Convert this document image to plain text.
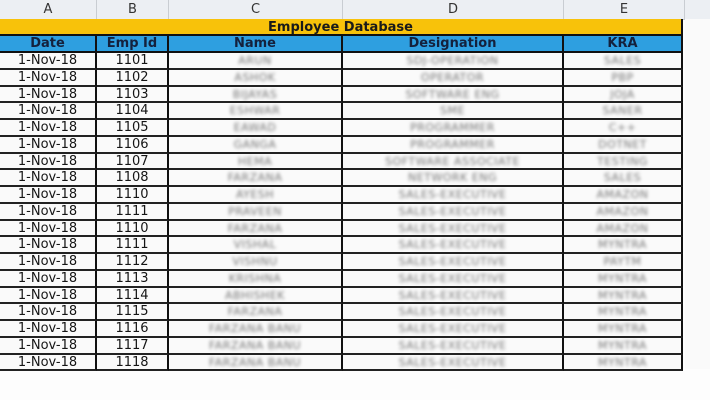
A	B	C	D	E
Employee Database
Date	Emp Id	Name	Designation	KRA
1-Nov-18	1101	ARUN	SDJ-OPERATION	SALES
1-Nov-18	1102	ASHOK	OPERATOR	PBP
1-Nov-18	1103	BIJAYAS	SOFTWARE ENG	JOJA
1-Nov-18	1104	ESHWAR	SME	SANER
1-Nov-18	1105	EAWAD	PROGRAMMER	C++
1-Nov-18	1106	GANGA	PROGRAMMER	DOTNET
1-Nov-18	1107	HEMA	SOFTWARE ASSOCIATE	TESTING
1-Nov-18	1108	FARZANA	NETWORK ENG	SALES
1-Nov-18	1110	AYESH	SALES-EXECUTIVE	AMAZON
1-Nov-18	1111	PRAVEEN	SALES-EXECUTIVE	AMAZON
1-Nov-18	1110	FARZANA	SALES-EXECUTIVE	AMAZON
1-Nov-18	1111	VISHAL	SALES-EXECUTIVE	MYNTRA
1-Nov-18	1112	VISHNU	SALES-EXECUTIVE	PAYTM
1-Nov-18	1113	KRISHNA	SALES-EXECUTIVE	MYNTRA
1-Nov-18	1114	ABHISHEK	SALES-EXECUTIVE	MYNTRA
1-Nov-18	1115	FARZANA	SALES-EXECUTIVE	MYNTRA
1-Nov-18	1116	FARZANA BANU	SALES-EXECUTIVE	MYNTRA
1-Nov-18	1117	FARZANA BANU	SALES-EXECUTIVE	MYNTRA
1-Nov-18	1118	FARZANA BANU	SALES-EXECUTIVE	MYNTRA
